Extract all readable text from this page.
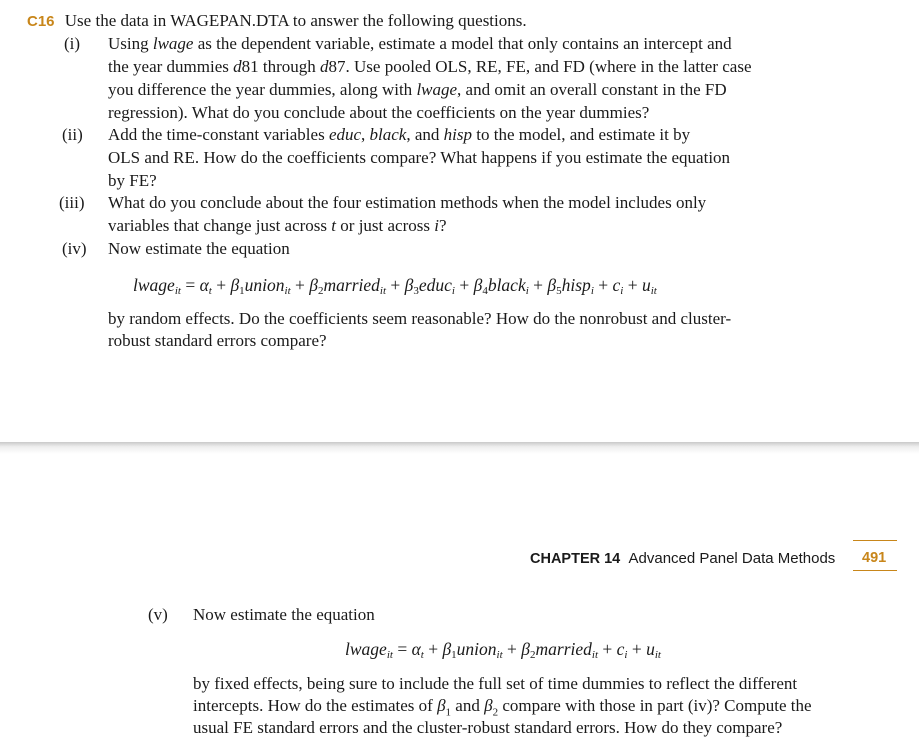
C16 Use the data in WAGEPAN.DTA to answer the following questions.
(i) Using lwage as the dependent variable, estimate a model that only contains an intercept and
the year dummies d81 through d87. Use pooled OLS, RE, FE, and FD (where in the latter case
you difference the year dummies, along with lwage, and omit an overall constant in the FD
regression). What do you conclude about the coefficients on the year dummies?
(ii) Add the time-constant variables educ, black, and hisp to the model, and estimate it by
OLS and RE. How do the coefficients compare? What happens if you estimate the equation
by FE?
(iii) What do you conclude about the four estimation methods when the model includes only
variables that change just across t or just across i?
(iv) Now estimate the equation
lwage$_{it}$ = $\alpha_t$ + $\beta_1union_{it}$ + $\beta_2married_{it}$ + $\beta_3educ_i$ + $\beta_4black_i$ + $\beta_5hisp_i + c_i + u_{it}$
by random effects. Do the coefficients seem reasonable? How do the nonrobust and cluster-
robust standard errors compare?
CHAPTER 14 Advanced Panel Data Methods 491
(v) Now estimate the equation
lwage$_{it}$ = $\alpha_t$ + $\beta_1union_{it}$ + $\beta_2married_{it} + c_i + u_{it}$
by fixed effects, being sure to include the full set of time dummies to reflect the different
intercepts. How do the estimates of $\beta_1$ and $\beta_2$ compare with those in part (iv)? Compute the
usual FE standard errors and the cluster-robust standard errors. How do they compare?
